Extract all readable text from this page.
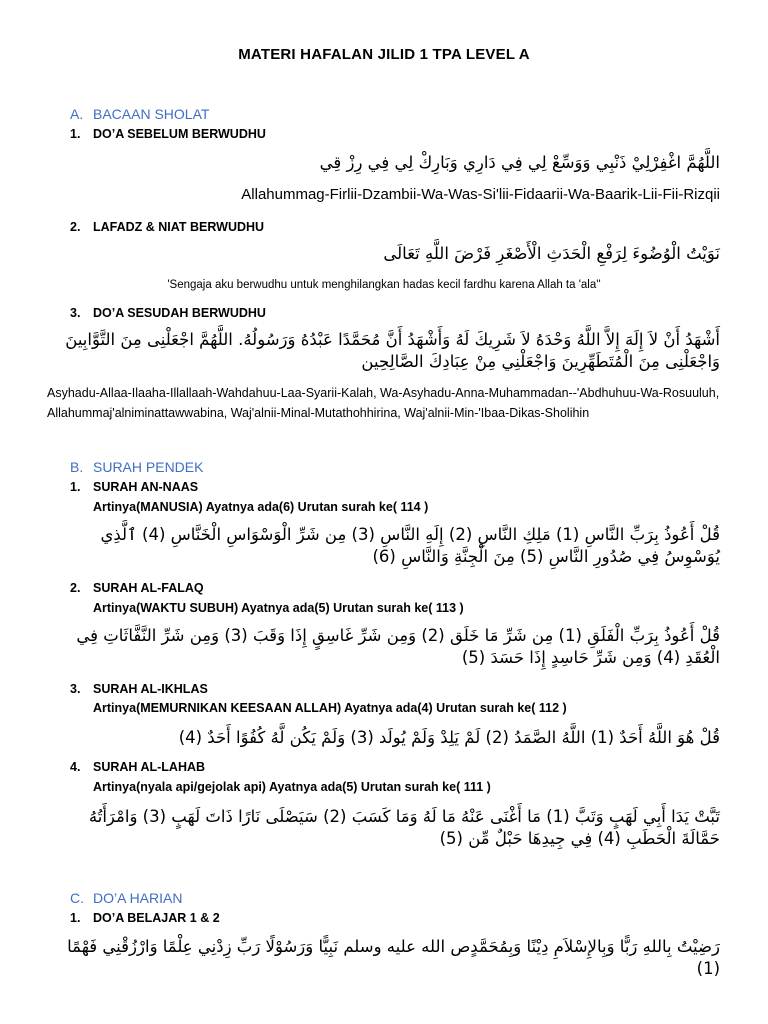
MATERI HAFALAN JILID 1 TPA LEVEL A
A. BACAAN SHOLAT
1. DO’A SEBELUM BERWUDHU
اللَّهُمَّ اغْفِرْلِيْ ذَنْبِي وَوَسِّعْ لِي فِي دَارِي وَبَارِكْ لِي فِي رِزْ قِي
Allahummag-Firlii-Dzambii-Wa-Was-Si'lii-Fidaarii-Wa-Baarik-Lii-Fii-Rizqii
2. LAFADZ & NIAT BERWUDHU
نَوَيْتُ الْوُضُوءَ لِرَفْعِ الْحَدَثِ الْأَصْغَرِ فَرْضَ اللَّهِ تَعَالَى
'Sengaja aku berwudhu untuk menghilangkan hadas kecil fardhu karena Allah ta 'ala''
3. DO’A SESUDAH BERWUDHU
أَشْهَدُ أَنْ لاَ إِلَهَ إِلاَّ اللَّهُ وَحْدَهُ لاَ شَرِيكَ لَهُ وَأَشْهَدُ أَنَّ مُحَمَّدًا عَبْدُهُ وَرَسُولُهُ. اللَّهُمَّ اجْعَلْنِى مِنَ التَّوَّابِينَ وَاجْعَلْنِى مِنَ الْمُتَطَهِّرِينَ وَاجْعَلْنِي مِنْ عِبَادِكَ الصَّالِحِين
Asyhadu-Allaa-Ilaaha-Illallaah-Wahdahuu-Laa-Syarii-Kalah, Wa-Asyhadu-Anna-Muhammadan--'Abdhuhuu-Wa-Rosuuluh, Allahummaj'alniminattawwabina, Waj'alnii-Minal-Mutathohhirina, Waj'alnii-Min-'Ibaa-Dikas-Sholihin
B. SURAH PENDEK
1. SURAH AN-NAAS
Artinya(MANUSIA) Ayatnya ada(6) Urutan surah ke( 114 )
قُلْ أَعُوذُ بِرَبِّ النَّاسِ (1) مَلِكِ النَّاسِ (2) إِلَهِ النَّاسِ (3) مِن شَرِّ الْوَسْوَاسِ الْخَنَّاسِ (4) ٱلَّذِي يُوَسْوِسُ فِي صُدُورِ النَّاسِ (5) مِنَ الْجِنَّةِ وَالنَّاسِ (6)
2. SURAH AL-FALAQ
Artinya(WAKTU SUBUH) Ayatnya ada(5) Urutan surah ke( 113 )
قُلْ أَعُوذُ بِرَبِّ الْفَلَقِ (1) مِن شَرِّ مَا خَلَق (2) وَمِن شَرِّ غَاسِقٍ إِذَا وَقَبَ (3) وَمِن شَرِّ النَّفَّاثَاتِ فِي الْعُقَدِ (4) وَمِن شَرِّ حَاسِدٍ إِذَا حَسَدَ (5)
3. SURAH AL-IKHLAS
Artinya(MEMURNIKAN KEESAAN ALLAH) Ayatnya ada(4) Urutan surah ke( 112 )
قُلْ هُوَ اللَّهُ أَحَدٌ (1) اللَّهُ الصَّمَدُ (2) لَمْ يَلِدْ وَلَمْ يُولَد (3) وَلَمْ يَكُن لَّهُ كُفُوًا أَحَدٌ (4)
4. SURAH AL-LAHAB
Artinya(nyala api/gejolak api) Ayatnya ada(5) Urutan surah ke( 111 )
تَبَّتْ يَدَا أَبِي لَهَبٍ وَتَبَّ (1) مَا أَغْنَى عَنْهُ مَا لَهُ وَمَا كَسَبَ (2) سَيَصْلَى نَارًا ذَاتَ لَهَبٍ (3) وَامْرَأَتُهُ حَمَّالَةَ الْحَطَبِ (4) فِي جِيدِهَا حَبْلٌ مِّن (5)
C. DO’A HARIAN
1. DO’A BELAJAR 1 & 2
رَضِيْتُ بِاللهِ رَبًّا وَبِالإِسْلاَمِ دِيْنًا وَبِمُحَمَّدٍص الله عليه وسلم نَبِيًّا وَرَسُوْلًا رَبِّ زِدْنِي عِلْمًا وَارْزُقْنِي فَهْمًا (1)
